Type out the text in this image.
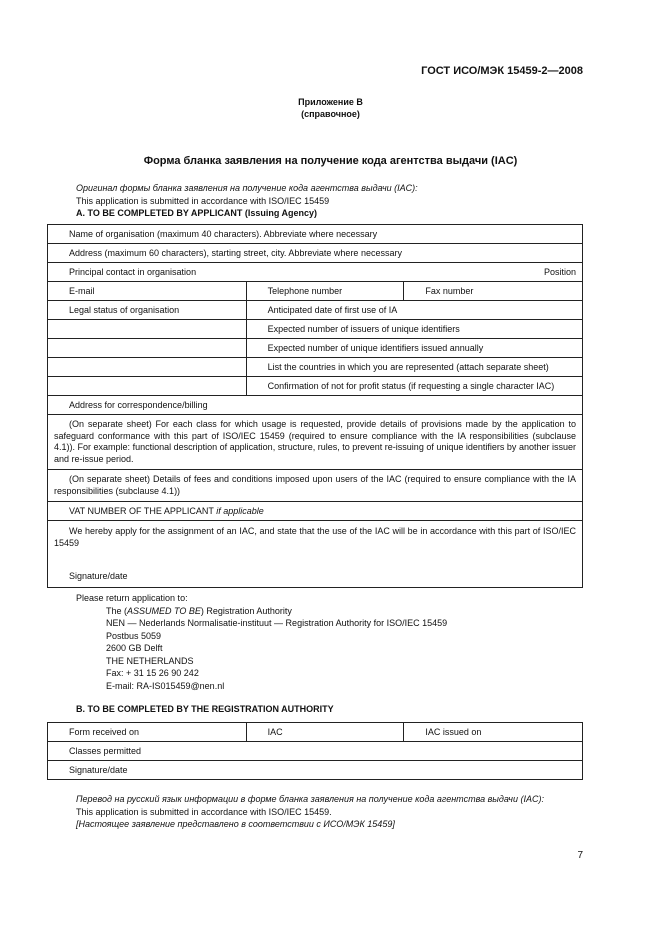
ГОСТ ИСО/МЭК 15459-2—2008
Приложение В
(справочное)
Форма бланка заявления на получение кода агентства выдачи (IAC)
Оригинал формы бланка заявления на получение кода агентства выдачи (IAC):
This application is submitted in accordance with ISO/IEC 15459
A. TO BE COMPLETED BY APPLICANT (Issuing Agency)
Name of organisation (maximum 40 characters). Abbreviate where necessary		
Address (maximum 60 characters), starting street, city. Abbreviate where necessary		

Principal contact in organisation Position		

E-mail	Telephone number	Fax number
Legal status of organisation	Anticipated date of first use of IA	
	Expected number of issuers of unique identifiers	
	Expected number of unique identifiers issued annually	
	List the countries in which you are represented (attach separate sheet)	
	Confirmation of not for profit status (if requesting a single character IAC)	
Address for correspondence/billing		
(On separate sheet) For each class for which usage is requested, provide details of provisions made by the application to safeguard conformance with this part of ISO/IEC 15459 (required to ensure compliance with the IA responsibilities (subclause 4.1)). For example: functional description of application, structure, rules, to prevent re-issuing of unique identifiers by another issuer and re-issue period.		
(On separate sheet) Details of fees and conditions imposed upon users of the IAC (required to ensure compliance with the IA responsibilities (subclause 4.1))		
VAT NUMBER OF THE APPLICANT if applicable		

We hereby apply for the assignment of an IAC, and state that the use of the IAC will be in accordance with this part of ISO/IEC 15459
Signature/date		
Please return application to:
The (ASSUMED TO BE) Registration Authority
NEN — Nederlands Normalisatie-instituut — Registration Authority for ISO/IEC 15459
Postbus 5059
2600 GB Delft
THE NETHERLANDS
Fax: + 31 15 26 90 242
E-mail: RA-IS015459@nen.nl
B. TO BE COMPLETED BY THE REGISTRATION AUTHORITY
Form received on	IAC	IAC issued on
Classes permitted
Signature/date
Перевод на русский язык информации в форме бланка заявления на получение кода агентства выдачи (IAC):
This application is submitted in accordance with ISO/IEC 15459.
[Настоящее заявление представлено в соответствии с ИСО/МЭК 15459]
7
